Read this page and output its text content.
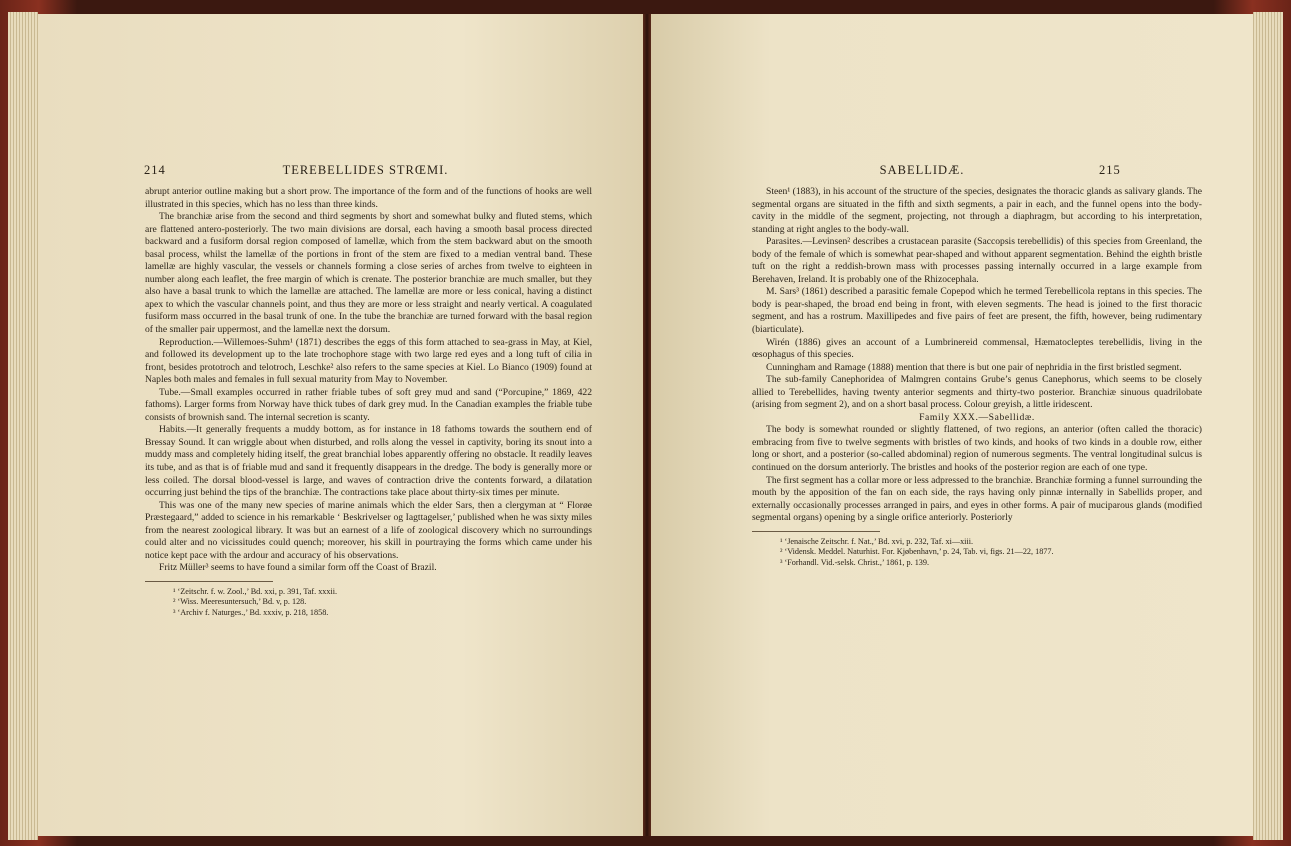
214	TEREBELLIDES STRŒMI.

abrupt anterior outline making but a short prow. The importance of the form and of the functions of hooks are well illustrated in this species, which has no less than three kinds.

The branchiæ arise from the second and third segments by short and somewhat bulky and fluted stems, which are flattened antero-posteriorly. The two main divisions are dorsal, each having a smooth basal process directed backward and a fusiform dorsal region composed of lamellæ, which from the stem backward abut on the smooth basal process, whilst the lamellæ of the portions in front of the stem are fixed to a median ventral band. These lamellæ are highly vascular, the vessels or channels forming a close series of arches from twelve to eighteen in number along each leaflet, the free margin of which is crenate. The posterior branchiæ are much smaller, but they also have a basal trunk to which the lamellæ are attached. The lamellæ are more or less conical, having a distinct apex to which the vascular channels point, and thus they are more or less straight and nearly vertical. A coagulated fusiform mass occurred in the basal trunk of one. In the tube the branchiæ are turned forward with the basal region of the smaller pair uppermost, and the lamellæ next the dorsum.

Reproduction.—Willemoes-Suhm¹ (1871) describes the eggs of this form attached to sea-grass in May, at Kiel, and followed its development up to the late trochophore stage with two large red eyes and a long tuft of cilia in front, besides prototroch and telotroch, Leschke² also refers to the same species at Kiel. Lo Bianco (1909) found at Naples both males and females in full sexual maturity from May to November.

Tube.—Small examples occurred in rather friable tubes of soft grey mud and sand (“Porcupine,” 1869, 422 fathoms). Larger forms from Norway have thick tubes of dark grey mud. In the Canadian examples the friable tube consists of brownish sand. The internal secretion is scanty.

Habits.—It generally frequents a muddy bottom, as for instance in 18 fathoms towards the southern end of Bressay Sound. It can wriggle about when disturbed, and rolls along the vessel in captivity, boring its snout into a muddy mass and completely hiding itself, the great branchial lobes apparently offering no obstacle. It readily leaves its tube, and as that is of friable mud and sand it frequently disappears in the dredge. The body is generally more or less coiled. The dorsal blood-vessel is large, and waves of contraction drive the contents forward, a dilatation occurring just behind the tips of the branchiæ. The contractions take place about thirty-six times per minute.

This was one of the many new species of marine animals which the elder Sars, then a clergyman at “ Florøe Præstegaard,” added to science in his remarkable ‘ Beskrivelser og Iagttagelser,’ published when he was sixty miles from the nearest zoological library. It was but an earnest of a life of zoological discovery which no surroundings could alter and no vicissitudes could quench; moreover, his skill in pourtraying the forms which came under his notice kept pace with the ardour and accuracy of his observations.

Fritz Müller³ seems to have found a similar form off the Coast of Brazil.

¹ ‘Zeitschr. f. w. Zool.,’ Bd. xxi, p. 391, Taf. xxxii.

² ‘Wiss. Meeresuntersuch,’ Bd. v, p. 128.

³ ‘Archiv f. Naturges.,’ Bd. xxxiv, p. 218, 1858.

SABELLIDÆ.	215

Steen¹ (1883), in his account of the structure of the species, designates the thoracic glands as salivary glands. The segmental organs are situated in the fifth and sixth segments, a pair in each, and the funnel opens into the body-cavity in the middle of the segment, projecting, not through a diaphragm, but according to his interpretation, standing at right angles to the body-wall.

Parasites.—Levinsen² describes a crustacean parasite (Saccopsis terebellidis) of this species from Greenland, the body of the female of which is somewhat pear-shaped and without apparent segmentation. Behind the eighth bristle tuft on the right a reddish-brown mass with processes passing internally occurred in a large example from Berehaven, Ireland. It is probably one of the Rhizocephala.

M. Sars³ (1861) described a parasitic female Copepod which he termed Terebellicola reptans in this species. The body is pear-shaped, the broad end being in front, with eleven segments. The head is joined to the first thoracic segment, and has a rostrum. Maxillipedes and five pairs of feet are present, the fifth, however, being rudimentary (biarticulate).

Wirén (1886) gives an account of a Lumbrinereid commensal, Hæmatocleptes terebellidis, living in the œsophagus of this species.

Cunningham and Ramage (1888) mention that there is but one pair of nephridia in the first bristled segment.

The sub-family Canephoridea of Malmgren contains Grube’s genus Canephorus, which seems to be closely allied to Terebellides, having twenty anterior segments and thirty-two posterior. Branchiæ sinuous quadrilobate (arising from segment 2), and on a short basal process. Colour greyish, a little iridescent.

Family XXX.—Sabellidæ.

The body is somewhat rounded or slightly flattened, of two regions, an anterior (often called the thoracic) embracing from five to twelve segments with bristles of two kinds, and hooks of two kinds in a double row, either long or short, and a posterior (so-called abdominal) region of numerous segments. The ventral longitudinal sulcus is continued on the dorsum anteriorly. The bristles and hooks of the posterior region are each of one type.

The first segment has a collar more or less adpressed to the branchiæ. Branchiæ forming a funnel surrounding the mouth by the apposition of the fan on each side, the rays having only pinnæ internally in Sabellids proper, and externally occasionally processes arranged in pairs, and eyes in other forms. A pair of muciparous glands (modified segmental organs) opening by a single orifice anteriorly. Posteriorly

¹ ‘Jenaische Zeitschr. f. Nat.,’ Bd. xvi, p. 232, Taf. xi—xiii.

² ‘Vidensk. Meddel. Naturhist. For. Kjøbenhavn,’ p. 24, Tab. vi, figs. 21—22, 1877.

³ ‘Forhandl. Vid.-selsk. Christ.,’ 1861, p. 139.
